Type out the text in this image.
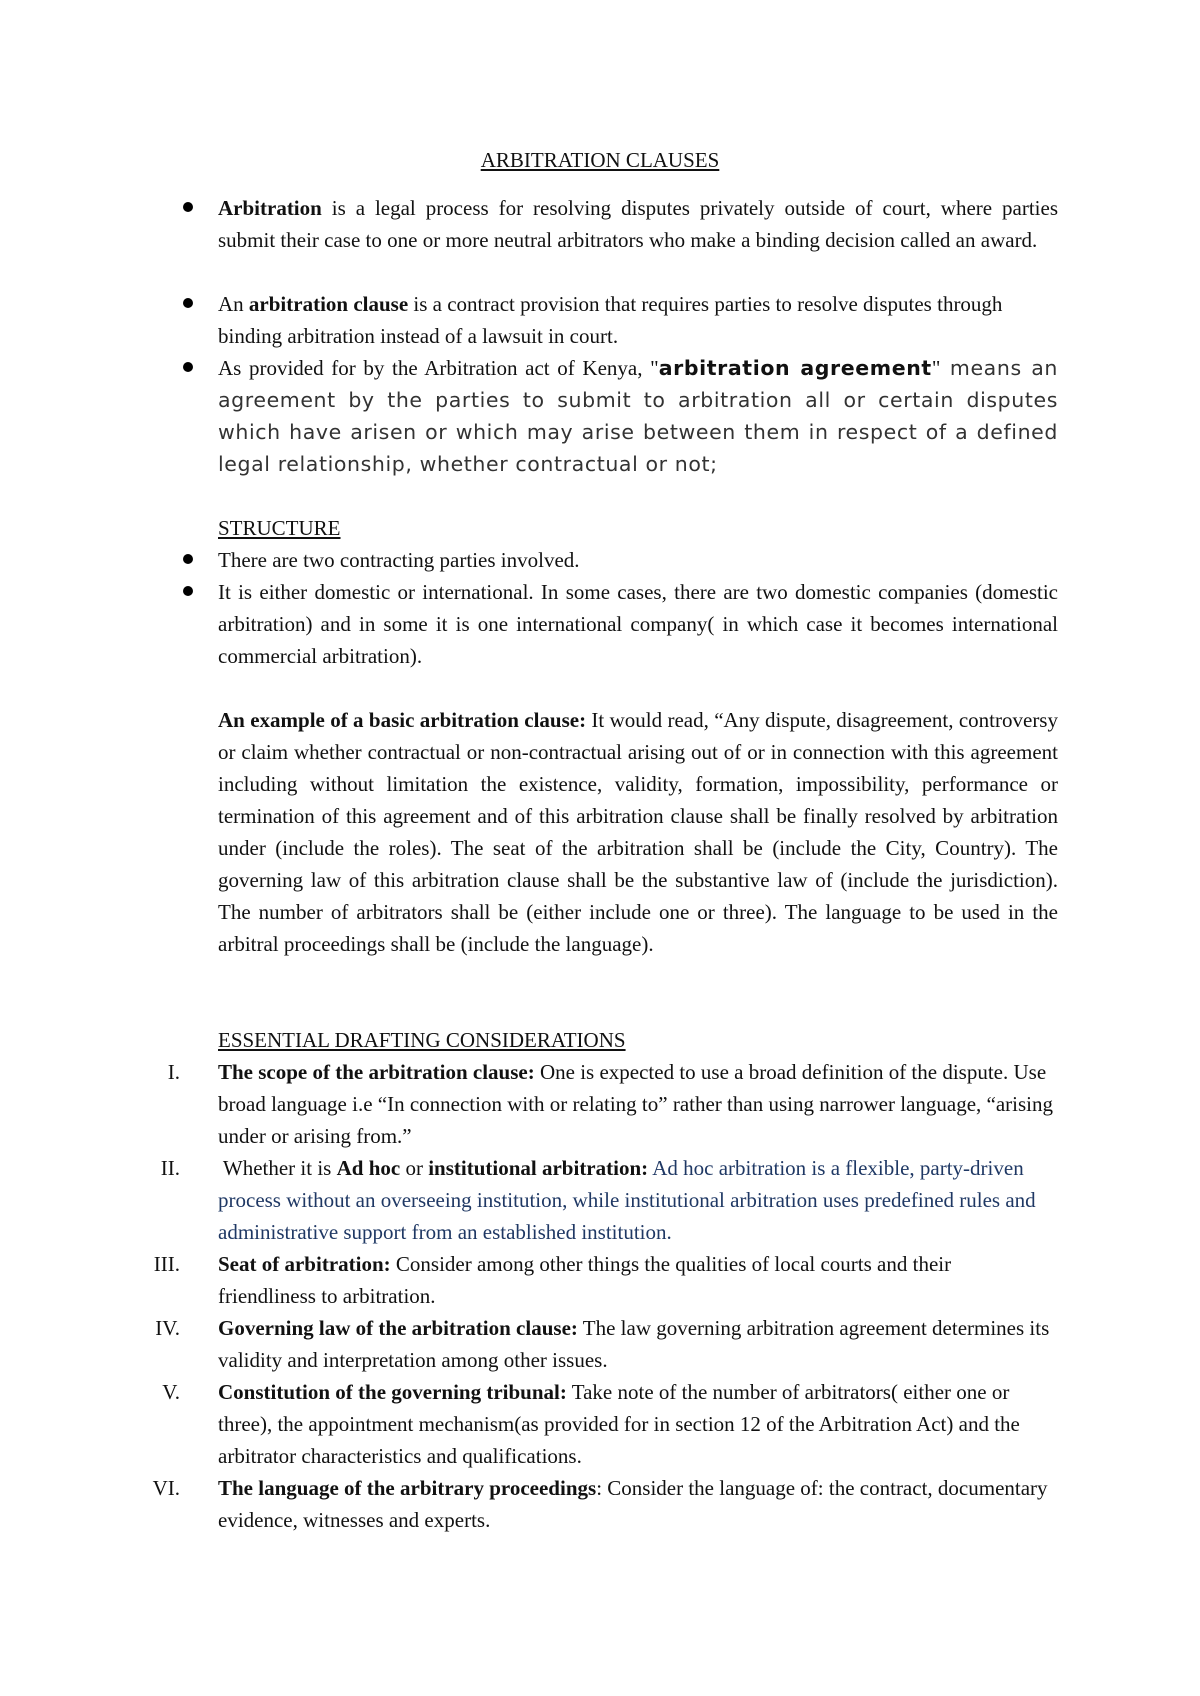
ARBITRATION CLAUSES

Arbitration is a legal process for resolving disputes privately outside of court, where parties submit their case to one or more neutral arbitrators who make a binding decision called an award.

An arbitration clause is a contract provision that requires parties to resolve disputes through binding arbitration instead of a lawsuit in court.

As provided for by the Arbitration act of Kenya, "arbitration agreement" means an agreement by the parties to submit to arbitration all or certain disputes which have arisen or which may arise between them in respect of a defined legal relationship, whether contractual or not;

STRUCTURE

There are two contracting parties involved.

It is either domestic or international. In some cases, there are two domestic companies (domestic arbitration) and in some it is one international company( in which case it becomes international commercial arbitration).

An example of a basic arbitration clause: It would read, “Any dispute, disagreement, controversy or claim whether contractual or non-contractual arising out of or in connection with this agreement including without limitation the existence, validity, formation, impossibility, performance or termination of this agreement and of this arbitration clause shall be finally resolved by arbitration under (include the roles). The seat of the arbitration shall be (include the City, Country). The governing law of this arbitration clause shall be the substantive law of (include the jurisdiction). The number of arbitrators shall be (either include one or three). The language to be used in the arbitral proceedings shall be (include the language).

ESSENTIAL DRAFTING CONSIDERATIONS

I. The scope of the arbitration clause: One is expected to use a broad definition of the dispute. Use broad language i.e “In connection with or relating to” rather than using narrower language, “arising under or arising from.”

II. Whether it is Ad hoc or institutional arbitration: Ad hoc arbitration is a flexible, party-driven process without an overseeing institution, while institutional arbitration uses predefined rules and administrative support from an established institution.

III. Seat of arbitration: Consider among other things the qualities of local courts and their friendliness to arbitration.

IV. Governing law of the arbitration clause: The law governing arbitration agreement determines its validity and interpretation among other issues.

V. Constitution of the governing tribunal: Take note of the number of arbitrators( either one or three), the appointment mechanism(as provided for in section 12 of the Arbitration Act) and the arbitrator characteristics and qualifications.

VI. The language of the arbitrary proceedings: Consider the language of: the contract, documentary evidence, witnesses and experts.
